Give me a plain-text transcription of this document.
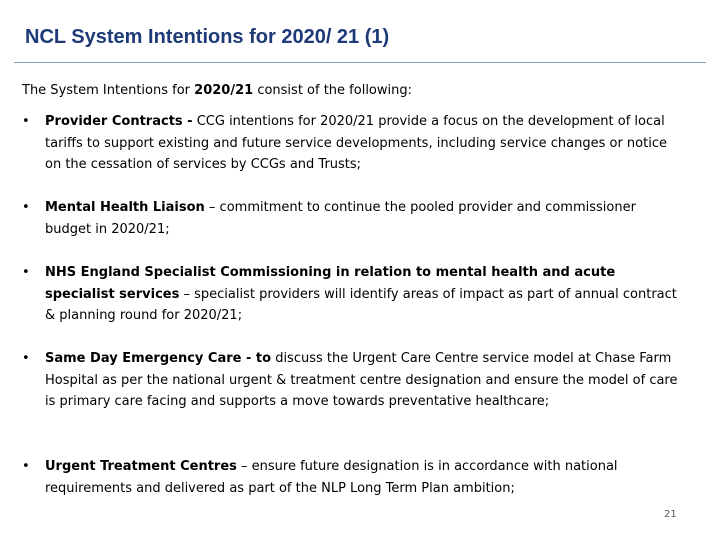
NCL System Intentions for 2020/ 21 (1)

The System Intentions for 2020/21 consist of the following:

•	Provider Contracts - CCG intentions for 2020/21 provide a focus on the development of local tariffs to support existing and future service developments, including service changes or notice on the cessation of services by CCGs and Trusts;
•	Mental Health Liaison – commitment to continue the pooled provider and commissioner budget in 2020/21;
•	NHS England Specialist Commissioning in relation to mental health and acute specialist services – specialist providers will identify areas of impact as part of annual contract & planning round for 2020/21;
•	Same Day Emergency Care - to discuss the Urgent Care Centre service model at Chase Farm Hospital as per the national urgent & treatment centre designation and ensure the model of care is primary care facing and supports a move towards preventative healthcare;
•	Urgent Treatment Centres – ensure future designation is in accordance with national requirements and delivered as part of the NLP Long Term Plan ambition;
21
